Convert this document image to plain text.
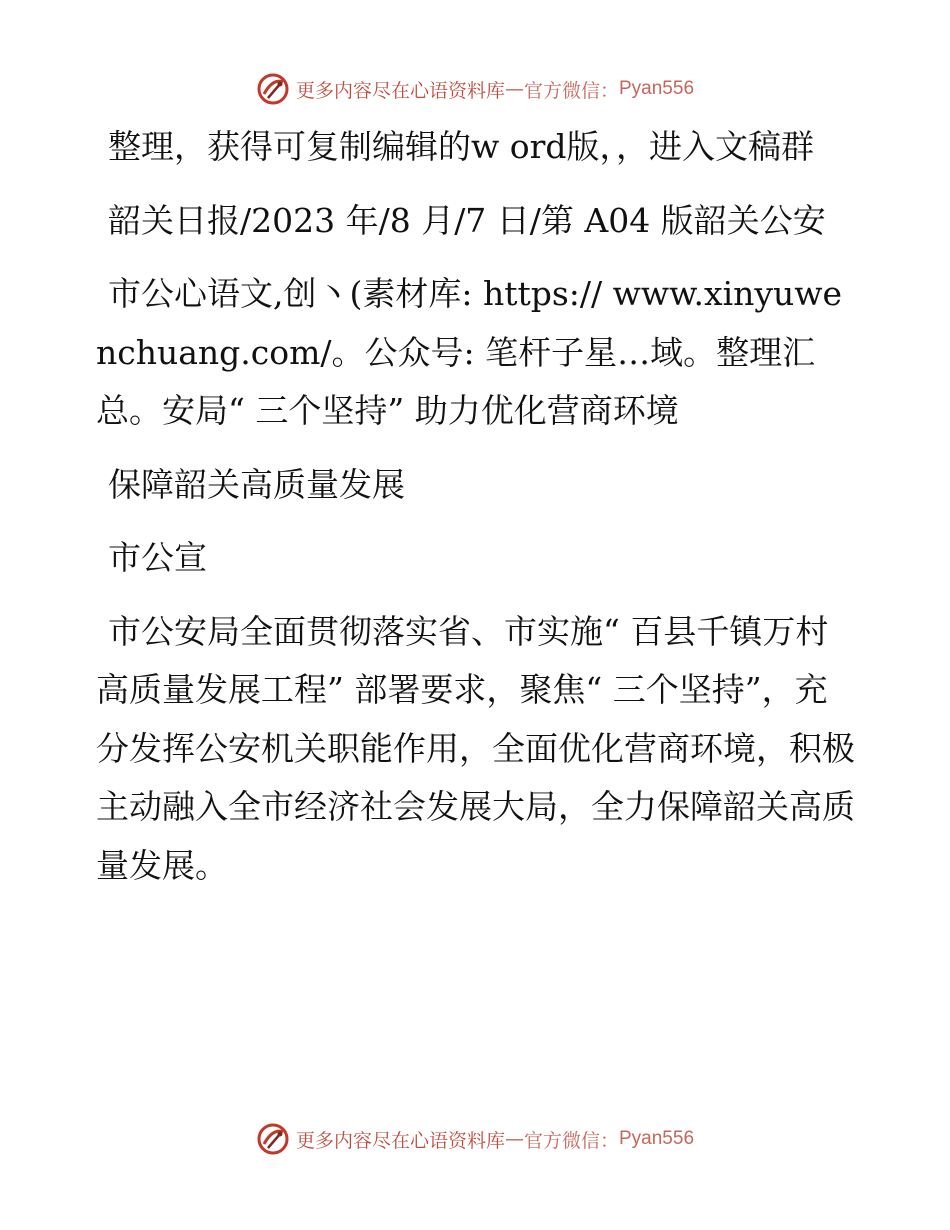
更多内容尽在心语资料库 — 官方微信： Pyan556

整理，获得可复制编辑的w ord版，，进入文稿群

韶关日报/2023 年/8 月/7 日/第 A04 版韶关公安

市公心语文,创丶(素材库: https:// www.xinyuwenchuang.com/。公众号: 笔杆子星…域。整理汇总。安局“ 三个坚持” 助力优化营商环境

保障韶关高质量发展

市公宣

市公安局全面贯彻落实省、市实施“ 百县千镇万村高质量发展工程” 部署要求，聚焦“ 三个坚持”，充分发挥公安机关职能作用，全面优化营商环境，积极主动融入全市经济社会发展大局，全力保障韶关高质量发展。

更多内容尽在心语资料库 — 官方微信： Pyan556
